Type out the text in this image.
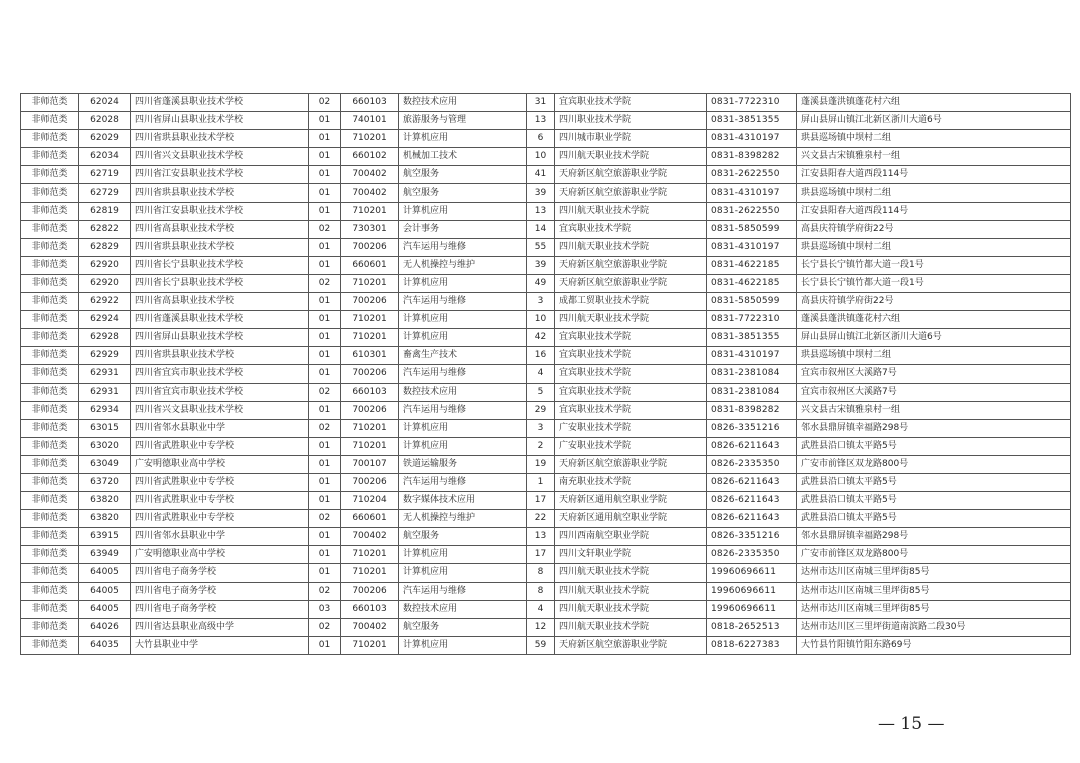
非师范类	62024	四川省蓬溪县职业技术学校	02	660103	数控技术应用	31	宜宾职业技术学院	0831-7722310	蓬溪县蓬洪镇蓬花村六组
非师范类	62028	四川省屏山县职业技术学校	01	740101	旅游服务与管理	13	四川职业技术学院	0831-3851355	屏山县屏山镇江北新区浙川大道6号
非师范类	62029	四川省珙县职业技术学校	01	710201	计算机应用	6	四川城市职业学院	0831-4310197	珙县巡场镇中坝村二组
非师范类	62034	四川省兴文县职业技术学校	01	660102	机械加工技术	10	四川航天职业技术学院	0831-8398282	兴文县古宋镇雅泉村一组
非师范类	62719	四川省江安县职业技术学校	01	700402	航空服务	41	天府新区航空旅游职业学院	0831-2622550	江安县阳春大道西段114号
非师范类	62729	四川省珙县职业技术学校	01	700402	航空服务	39	天府新区航空旅游职业学院	0831-4310197	珙县巡场镇中坝村二组
非师范类	62819	四川省江安县职业技术学校	01	710201	计算机应用	13	四川航天职业技术学院	0831-2622550	江安县阳春大道西段114号
非师范类	62822	四川省高县职业技术学校	02	730301	会计事务	14	宜宾职业技术学院	0831-5850599	高县庆符镇学府街22号
非师范类	62829	四川省珙县职业技术学校	01	700206	汽车运用与维修	55	四川航天职业技术学院	0831-4310197	珙县巡场镇中坝村二组
非师范类	62920	四川省长宁县职业技术学校	01	660601	无人机操控与维护	39	天府新区航空旅游职业学院	0831-4622185	长宁县长宁镇竹都大道一段1号
非师范类	62920	四川省长宁县职业技术学校	02	710201	计算机应用	49	天府新区航空旅游职业学院	0831-4622185	长宁县长宁镇竹都大道一段1号
非师范类	62922	四川省高县职业技术学校	01	700206	汽车运用与维修	3	成都工贸职业技术学院	0831-5850599	高县庆符镇学府街22号
非师范类	62924	四川省蓬溪县职业技术学校	01	710201	计算机应用	10	四川航天职业技术学院	0831-7722310	蓬溪县蓬洪镇蓬花村六组
非师范类	62928	四川省屏山县职业技术学校	01	710201	计算机应用	42	宜宾职业技术学院	0831-3851355	屏山县屏山镇江北新区浙川大道6号
非师范类	62929	四川省珙县职业技术学校	01	610301	畜禽生产技术	16	宜宾职业技术学院	0831-4310197	珙县巡场镇中坝村二组
非师范类	62931	四川省宜宾市职业技术学校	01	700206	汽车运用与维修	4	宜宾职业技术学院	0831-2381084	宜宾市叙州区大溪路7号
非师范类	62931	四川省宜宾市职业技术学校	02	660103	数控技术应用	5	宜宾职业技术学院	0831-2381084	宜宾市叙州区大溪路7号
非师范类	62934	四川省兴文县职业技术学校	01	700206	汽车运用与维修	29	宜宾职业技术学院	0831-8398282	兴文县古宋镇雅泉村一组
非师范类	63015	四川省邻水县职业中学	02	710201	计算机应用	3	广安职业技术学院	0826-3351216	邻水县鼎屏镇幸福路298号
非师范类	63020	四川省武胜职业中专学校	01	710201	计算机应用	2	广安职业技术学院	0826-6211643	武胜县沿口镇太平路5号
非师范类	63049	广安明德职业高中学校	01	700107	铁道运输服务	19	天府新区航空旅游职业学院	0826-2335350	广安市前锋区双龙路800号
非师范类	63720	四川省武胜职业中专学校	01	700206	汽车运用与维修	1	南充职业技术学院	0826-6211643	武胜县沿口镇太平路5号
非师范类	63820	四川省武胜职业中专学校	01	710204	数字媒体技术应用	17	天府新区通用航空职业学院	0826-6211643	武胜县沿口镇太平路5号
非师范类	63820	四川省武胜职业中专学校	02	660601	无人机操控与维护	22	天府新区通用航空职业学院	0826-6211643	武胜县沿口镇太平路5号
非师范类	63915	四川省邻水县职业中学	01	700402	航空服务	13	四川西南航空职业学院	0826-3351216	邻水县鼎屏镇幸福路298号
非师范类	63949	广安明德职业高中学校	01	710201	计算机应用	17	四川文轩职业学院	0826-2335350	广安市前锋区双龙路800号
非师范类	64005	四川省电子商务学校	01	710201	计算机应用	8	四川航天职业技术学院	19960696611	达州市达川区南城三里坪街85号
非师范类	64005	四川省电子商务学校	02	700206	汽车运用与维修	8	四川航天职业技术学院	19960696611	达州市达川区南城三里坪街85号
非师范类	64005	四川省电子商务学校	03	660103	数控技术应用	4	四川航天职业技术学院	19960696611	达州市达川区南城三里坪街85号
非师范类	64026	四川省达县职业高级中学	02	700402	航空服务	12	四川航天职业技术学院	0818-2652513	达州市达川区三里坪街道南滨路二段30号
非师范类	64035	大竹县职业中学	01	710201	计算机应用	59	天府新区航空旅游职业学院	0818-6227383	大竹县竹阳镇竹阳东路69号
— 15 —
